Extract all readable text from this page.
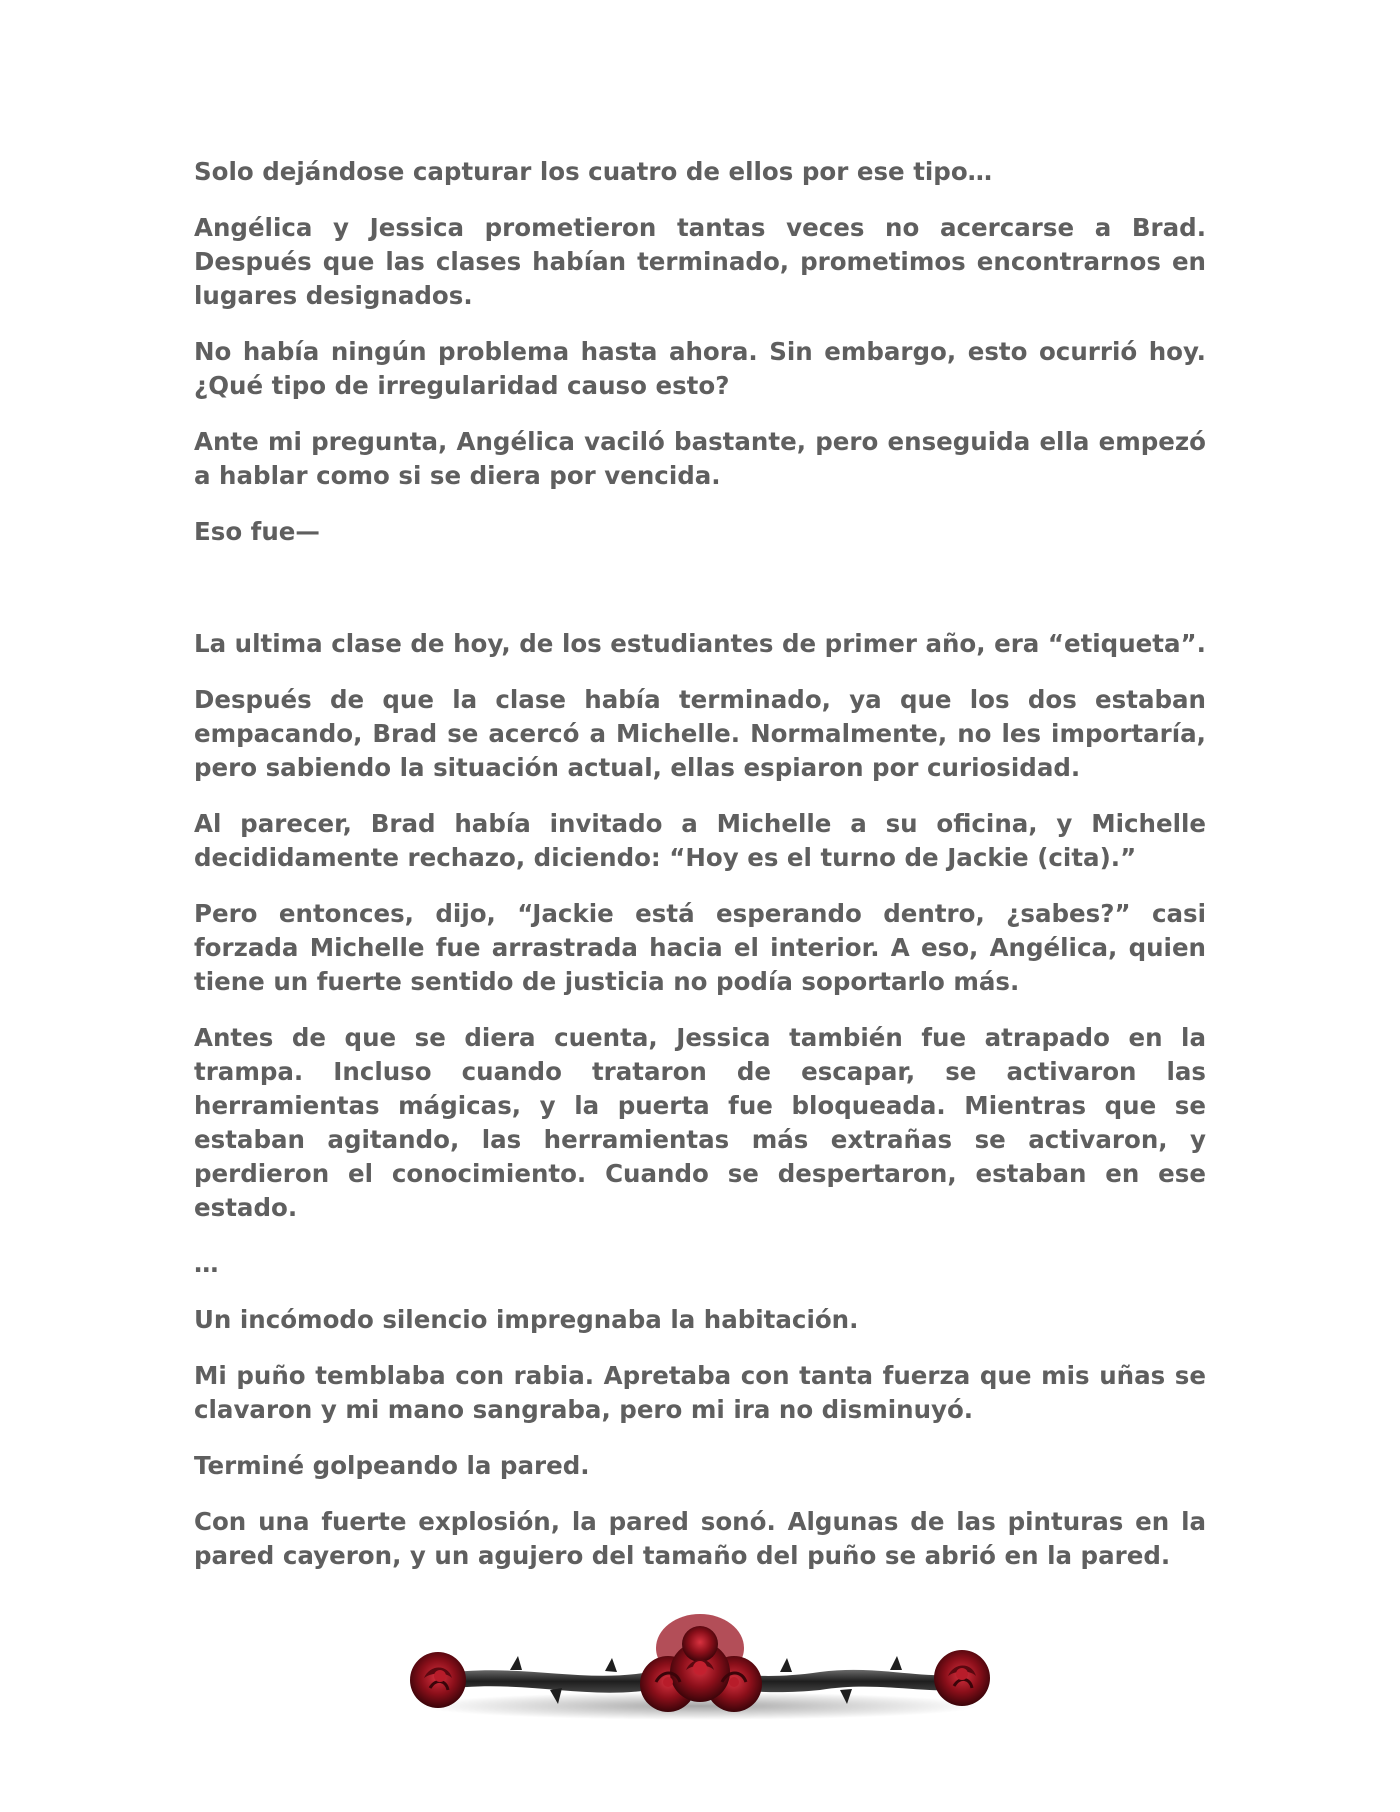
Solo dejándose capturar los cuatro de ellos por ese tipo…

Angélica y Jessica prometieron tantas veces no acercarse a Brad. Después que las clases habían terminado, prometimos encontrarnos en lugares designados.

No había ningún problema hasta ahora. Sin embargo, esto ocurrió hoy. ¿Qué tipo de irregularidad causo esto?

Ante mi pregunta, Angélica vaciló bastante, pero enseguida ella empezó a hablar como si se diera por vencida.

Eso fue—

La ultima clase de hoy, de los estudiantes de primer año, era “etiqueta”.

Después de que la clase había terminado, ya que los dos estaban empacando, Brad se acercó a Michelle. Normalmente, no les importaría, pero sabiendo la situación actual, ellas espiaron por curiosidad.

Al parecer, Brad había invitado a Michelle a su oficina, y Michelle decididamente rechazo, diciendo: “Hoy es el turno de Jackie (cita).”

Pero entonces, dijo, “Jackie está esperando dentro, ¿sabes?” casi forzada Michelle fue arrastrada hacia el interior. A eso, Angélica, quien tiene un fuerte sentido de justicia no podía soportarlo más.

Antes de que se diera cuenta, Jessica también fue atrapado en la trampa. Incluso cuando trataron de escapar, se activaron las herramientas mágicas, y la puerta fue bloqueada. Mientras que se estaban agitando, las herramientas más extrañas se activaron, y perdieron el conocimiento. Cuando se despertaron, estaban en ese estado.

…

Un incómodo silencio impregnaba la habitación.

Mi puño temblaba con rabia. Apretaba con tanta fuerza que mis uñas se clavaron y mi mano sangraba, pero mi ira no disminuyó.

Terminé golpeando la pared.

Con una fuerte explosión, la pared sonó. Algunas de las pinturas en la pared cayeron, y un agujero del tamaño del puño se abrió en la pared.
